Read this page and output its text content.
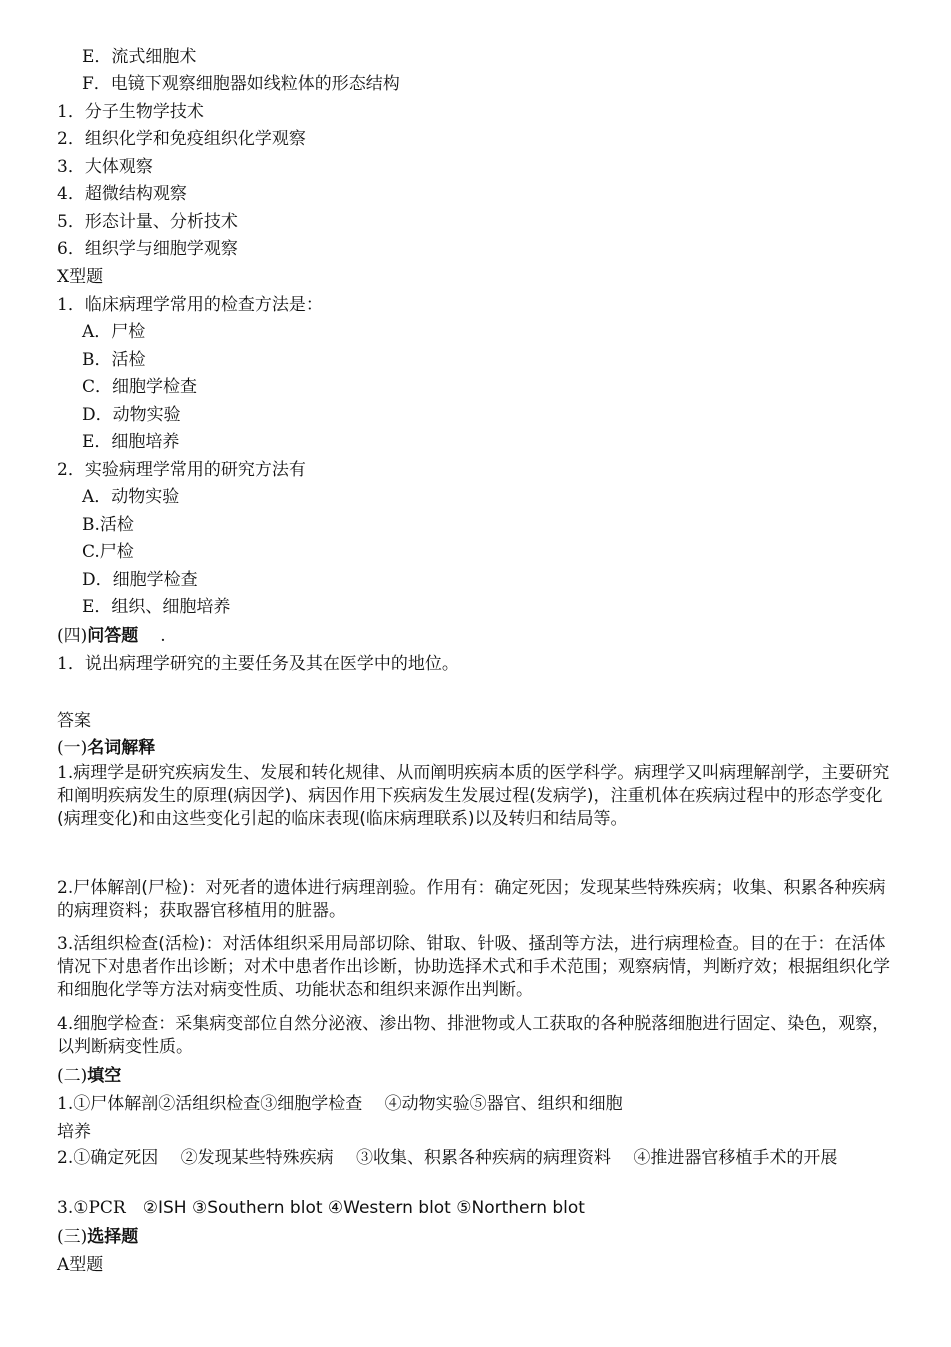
E．流式细胞术
F．电镜下观察细胞器如线粒体的形态结构
1．分子生物学技术
2．组织化学和免疫组织化学观察
3．大体观察
4．超微结构观察
5．形态计量、分析技术
6．组织学与细胞学观察
X型题
1．临床病理学常用的检查方法是：
A．尸检
B．活检
C．细胞学检查
D．动物实验
E．细胞培养
2．实验病理学常用的研究方法有
A．动物实验
B.活检
C.尸检
D．细胞学检查
E．组织、细胞培养
(四)问答题 .
1．说出病理学研究的主要任务及其在医学中的地位。
答案
(一)名词解释
1.病理学是研究疾病发生、发展和转化规律、从而阐明疾病本质的医学科学。病理学又叫病理解剖学，主要研究和阐明疾病发生的原理(病因学)、病因作用下疾病发生发展过程(发病学)，注重机体在疾病过程中的形态学变化(病理变化)和由这些变化引起的临床表现(临床病理联系)以及转归和结局等。
2.尸体解剖(尸检)：对死者的遗体进行病理剖验。作用有：确定死因；发现某些特殊疾病；收集、积累各种疾病的病理资料；获取器官移植用的脏器。
3.活组织检查(活检)：对活体组织采用局部切除、钳取、针吸、搔刮等方法，进行病理检查。目的在于：在活体情况下对患者作出诊断；对术中患者作出诊断，协助选择术式和手术范围；观察病情，判断疗效；根据组织化学和细胞化学等方法对病变性质、功能状态和组织来源作出判断。
4.细胞学检查：采集病变部位自然分泌液、渗出物、排泄物或人工获取的各种脱落细胞进行固定、染色，观察，以判断病变性质。
(二)填空
1.①尸体解剖②活组织检查③细胞学检查　 ④动物实验⑤器官、组织和细胞
培养
2.①确定死因　 ②发现某些特殊疾病　 ③收集、积累各种疾病的病理资料　 ④推进器官移植手术的开展
3.①PCR　②ISH ③Southern blot ④Western blot ⑤Northern blot
(三)选择题
A型题
